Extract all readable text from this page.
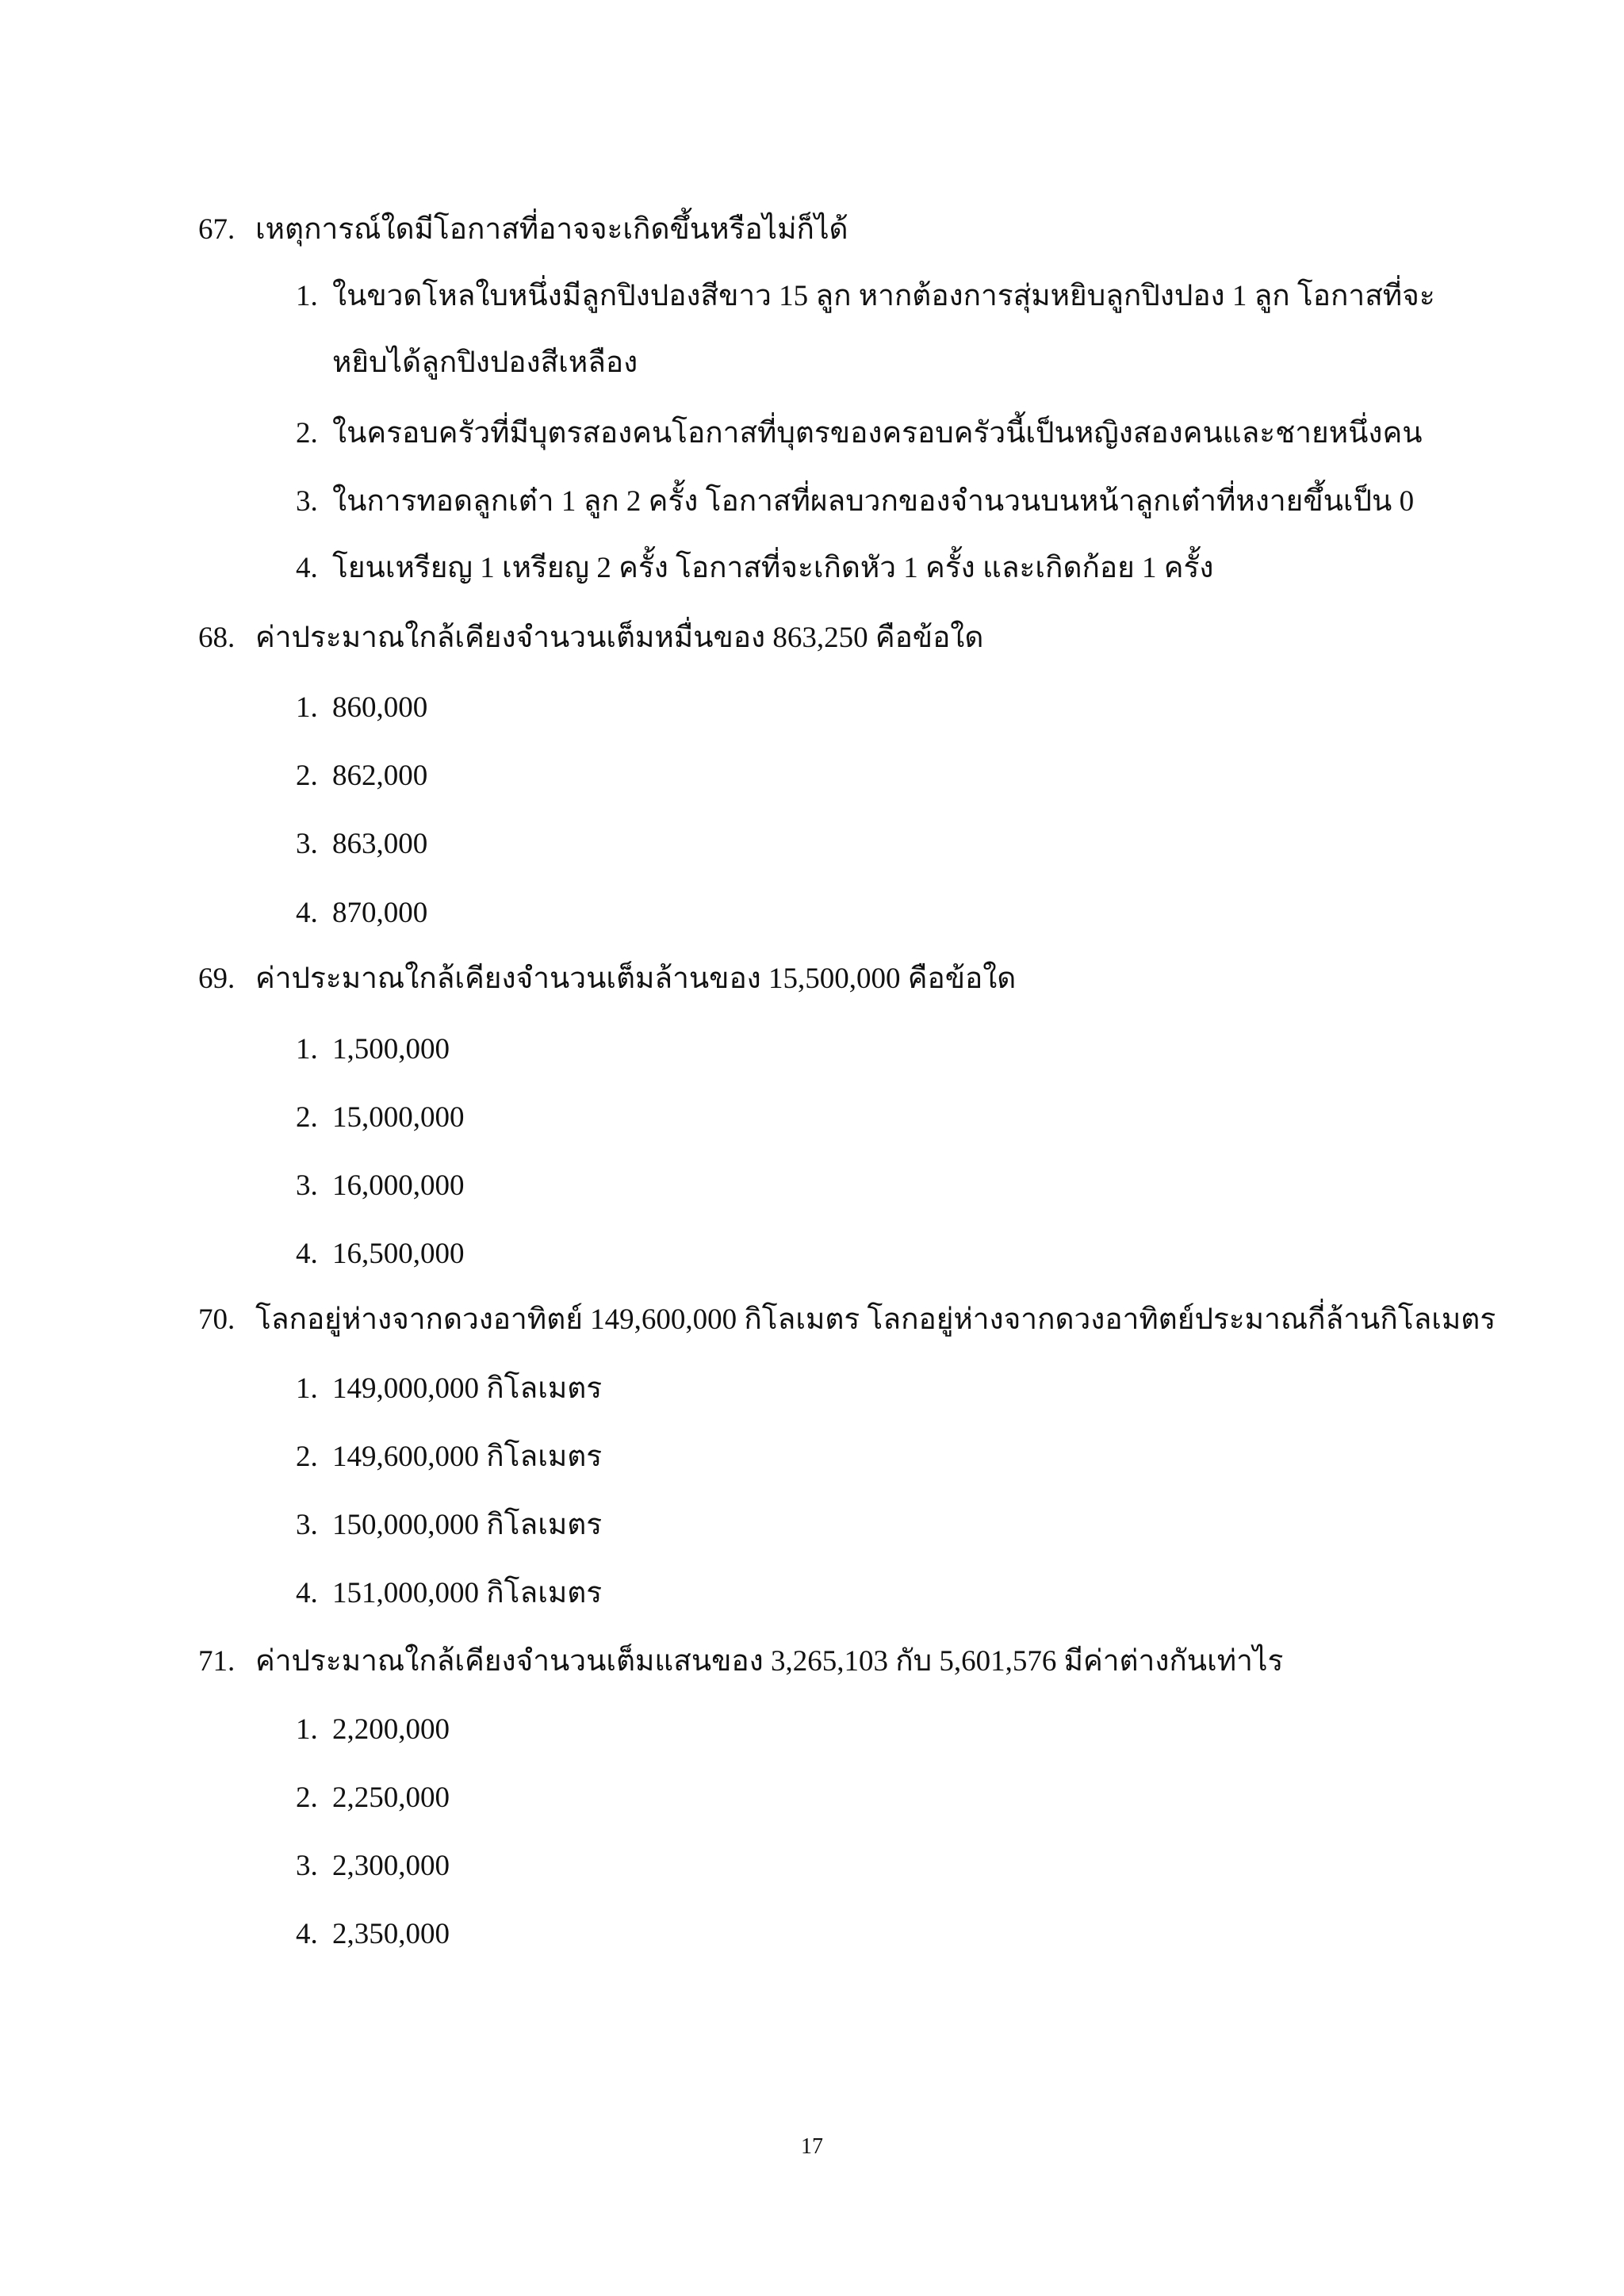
67. เหตุการณ์ใดมีโอกาสที่อาจจะเกิดขึ้นหรือไม่ก็ได้
1. ในขวดโหลใบหนึ่งมีลูกปิงปองสีขาว 15 ลูก หากต้องการสุ่มหยิบลูกปิงปอง 1 ลูก โอกาสที่จะ
หยิบได้ลูกปิงปองสีเหลือง
2. ในครอบครัวที่มีบุตรสองคนโอกาสที่บุตรของครอบครัวนี้เป็นหญิงสองคนและชายหนึ่งคน
3. ในการทอดลูกเต๋า 1 ลูก 2 ครั้ง โอกาสที่ผลบวกของจำนวนบนหน้าลูกเต๋าที่หงายขึ้นเป็น 0
4. โยนเหรียญ 1 เหรียญ 2 ครั้ง โอกาสที่จะเกิดหัว 1 ครั้ง และเกิดก้อย 1 ครั้ง
68. ค่าประมาณใกล้เคียงจำนวนเต็มหมื่นของ 863,250 คือข้อใด
1. 860,000
2. 862,000
3. 863,000
4. 870,000
69. ค่าประมาณใกล้เคียงจำนวนเต็มล้านของ 15,500,000 คือข้อใด
1. 1,500,000
2. 15,000,000
3. 16,000,000
4. 16,500,000
70. โลกอยู่ห่างจากดวงอาทิตย์ 149,600,000 กิโลเมตร โลกอยู่ห่างจากดวงอาทิตย์ประมาณกี่ล้านกิโลเมตร
1. 149,000,000 กิโลเมตร
2. 149,600,000 กิโลเมตร
3. 150,000,000 กิโลเมตร
4. 151,000,000 กิโลเมตร
71. ค่าประมาณใกล้เคียงจำนวนเต็มแสนของ 3,265,103 กับ 5,601,576 มีค่าต่างกันเท่าไร
1. 2,200,000
2. 2,250,000
3. 2,300,000
4. 2,350,000
17
